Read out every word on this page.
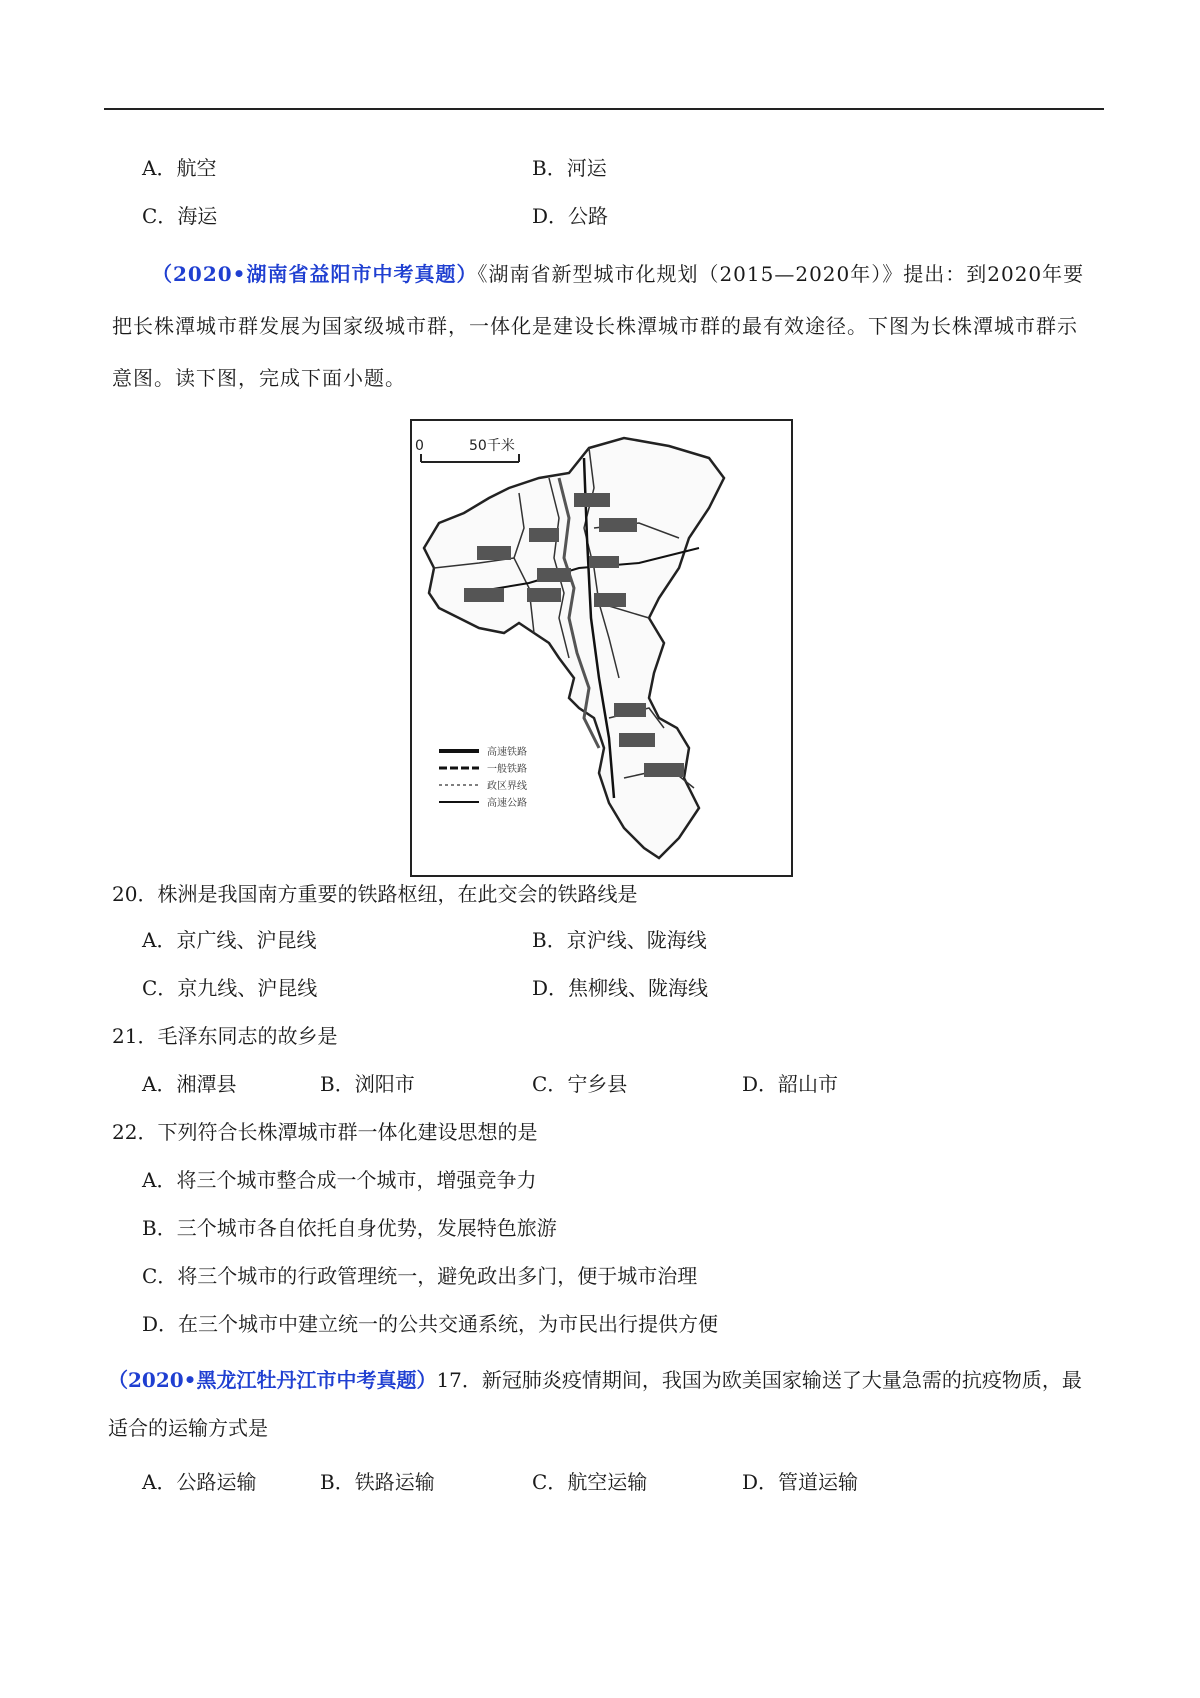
A．航空	B．河运
C．海运	D．公路
（2020•湖南省益阳市中考真题）《湖南省新型城市化规划（2015—2020年）》提出：到2020年要把长株潭城市群发展为国家级城市群，一体化是建设长株潭城市群的最有效途径。下图为长株潭城市群示意图。读下图，完成下面小题。
0	50千米
高速铁路
一般铁路
政区界线
高速公路
20．株洲是我国南方重要的铁路枢纽，在此交会的铁路线是
A．京广线、沪昆线	B．京沪线、陇海线
C．京九线、沪昆线	D．焦柳线、陇海线
21．毛泽东同志的故乡是
A．湘潭县	B．浏阳市	C．宁乡县	D．韶山市
22．下列符合长株潭城市群一体化建设思想的是
A．将三个城市整合成一个城市，增强竞争力
B．三个城市各自依托自身优势，发展特色旅游
C．将三个城市的行政管理统一，避免政出多门，便于城市治理
D．在三个城市中建立统一的公共交通系统，为市民出行提供方便
（2020•黑龙江牡丹江市中考真题）17．新冠肺炎疫情期间，我国为欧美国家输送了大量急需的抗疫物质，最适合的运输方式是
A．公路运输	B．铁路运输	C．航空运输	D．管道运输
